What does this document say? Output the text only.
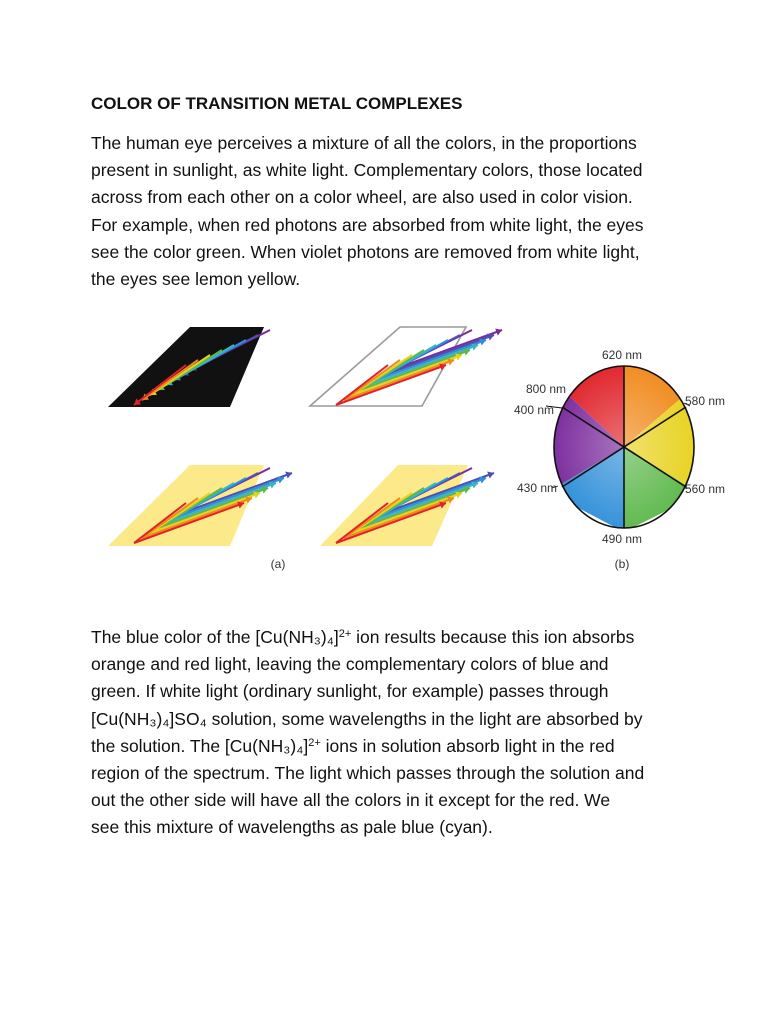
COLOR OF TRANSITION METAL COMPLEXES

The human eye perceives a mixture of all the colors, in the proportions
present in sunlight, as white light. Complementary colors, those located
across from each other on a color wheel, are also used in color vision.
For example, when red photons are absorbed from white light, the eyes
see the color green. When violet photons are removed from white light,
the eyes see lemon yellow.

(a)
620 nm
580 nm
560 nm
490 nm
430 nm
400 nm
800 nm
(b)

The blue color of the $[Cu(NH_3)_4]^{2+}$ ion results because this ion absorbs
orange and red light, leaving the complementary colors of blue and
green. If white light (ordinary sunlight, for example) passes through
[Cu(NH₃)₄]SO₄ solution, some wavelengths in the light are absorbed by
the solution. The $[Cu(NH_3)_4]^{2+}$ ions in solution absorb light in the red
region of the spectrum. The light which passes through the solution and
out the other side will have all the colors in it except for the red. We
see this mixture of wavelengths as pale blue (cyan).
